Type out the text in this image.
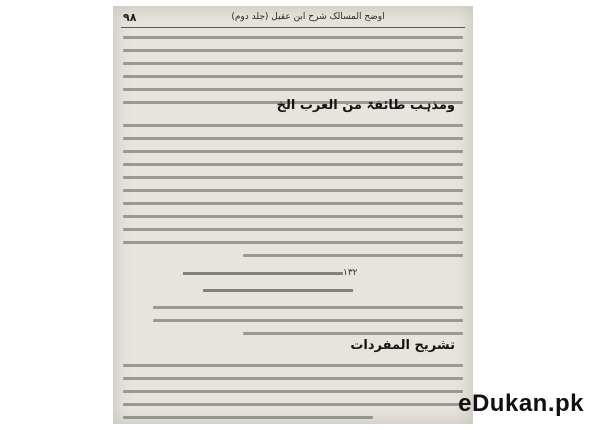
۹۸	اوضح المسالک شرح ابن عقیل (جلد دوم)
ومذہب طائفۃ من العرب الخ
۱۳۲
تشریح المفردات
eDukan.pk
